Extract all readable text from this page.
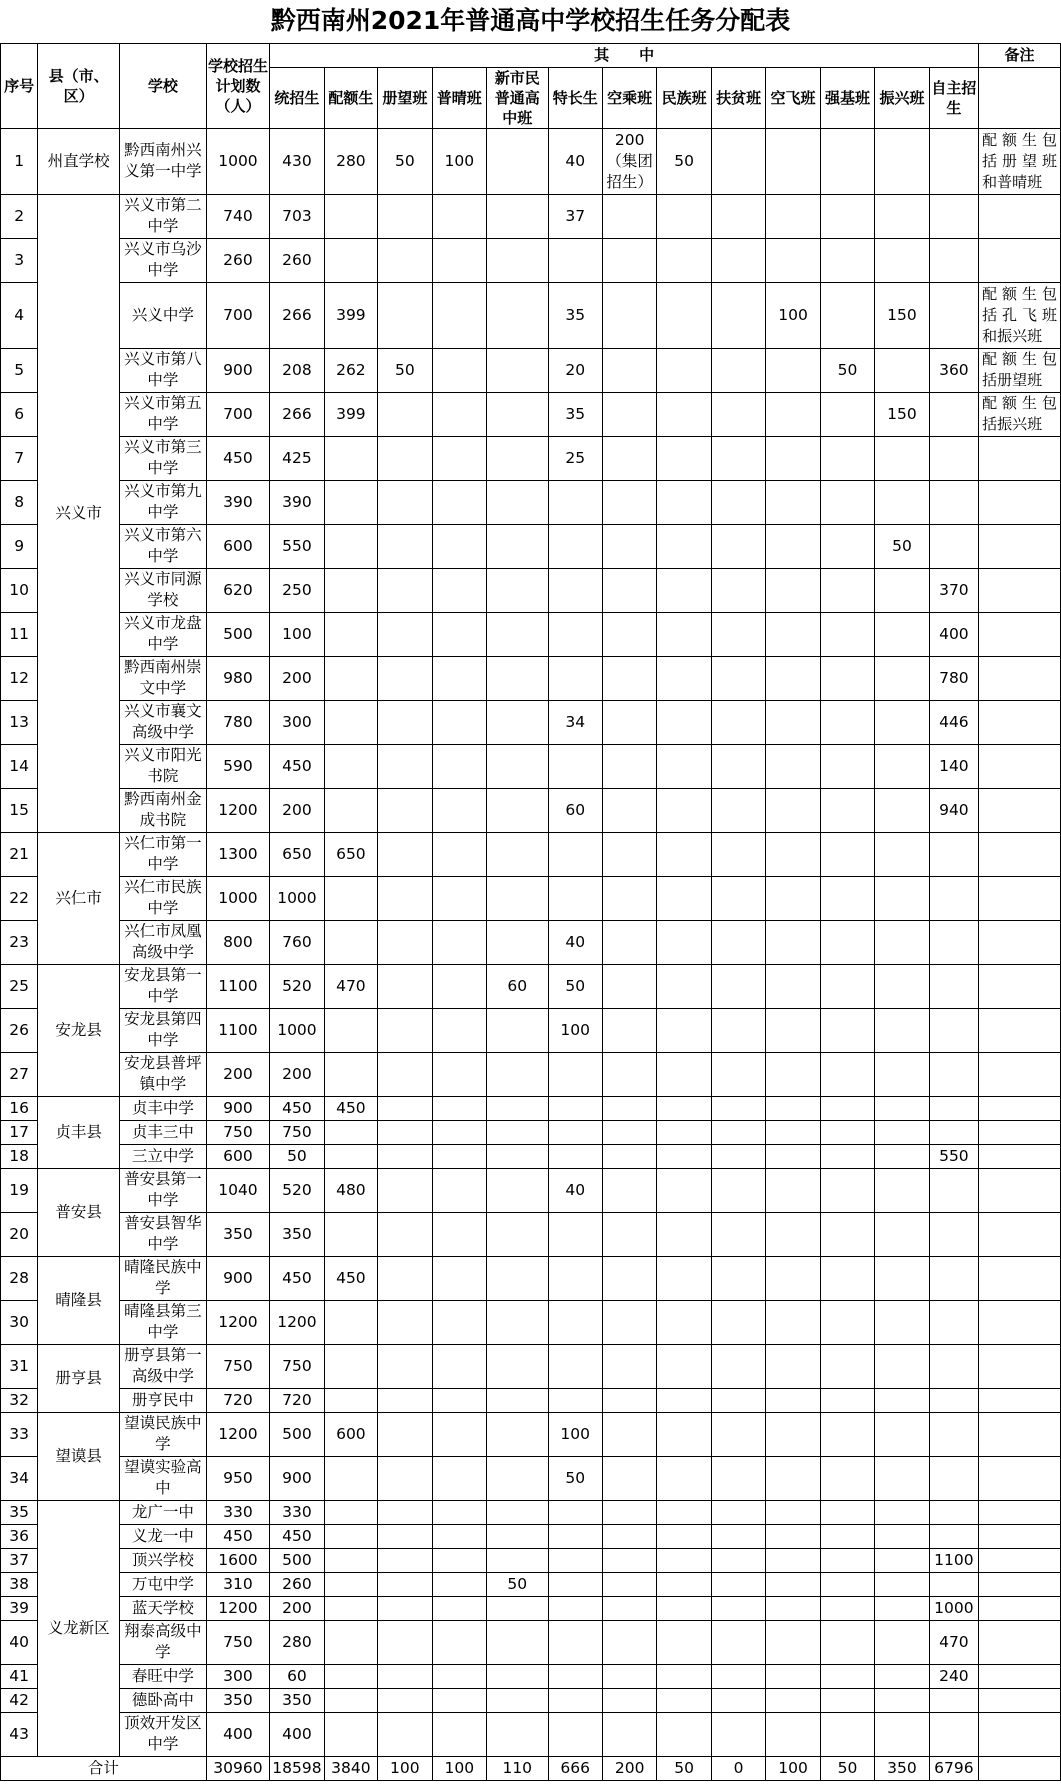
黔西南州2021年普通高中学校招生任务分配表																	
序号	县（市、区）	学校	学校招生计划数（人）	其　　中													备注
				统招生	配额生	册望班	普晴班	新市民普通高中班	特长生	空乘班	民族班	扶贫班	空飞班	强基班	振兴班	自主招生	
1	州直学校	黔西南州兴义第一中学	1000	430	280	50	100		40	200（集团招生）	50						配额生包括册望班和普晴班
2	兴义市	兴义市第二中学	740	703					37								
3		兴义市乌沙中学	260	260													
4		兴义中学	700	266	399				35				100		150		配额生包括孔飞班和振兴班
5		兴义市第八中学	900	208	262	50			20					50		360	配额生包括册望班
6		兴义市第五中学	700	266	399				35						150		配额生包括振兴班
7		兴义市第三中学	450	425					25								
8		兴义市第九中学	390	390													
9		兴义市第六中学	600	550											50		
10		兴义市同源学校	620	250												370	
11		兴义市龙盘中学	500	100												400	
12		黔西南州崇文中学	980	200												780	
13		兴义市襄文高级中学	780	300					34							446	
14		兴义市阳光书院	590	450												140	
15		黔西南州金成书院	1200	200					60							940	
21	兴仁市	兴仁市第一中学	1300	650	650												
22		兴仁市民族中学	1000	1000													
23		兴仁市凤凰高级中学	800	760					40								
25	安龙县	安龙县第一中学	1100	520	470			60	50								
26		安龙县第四中学	1100	1000					100								
27		安龙县普坪镇中学	200	200													
16	贞丰县	贞丰中学	900	450	450												
17		贞丰三中	750	750													
18		三立中学	600	50												550	
19	普安县	普安县第一中学	1040	520	480				40								
20		普安县智华中学	350	350													
28	晴隆县	晴隆民族中学	900	450	450												
30		晴隆县第三中学	1200	1200													
31	册亨县	册亨县第一高级中学	750	750													
32		册亨民中	720	720													
33	望谟县	望谟民族中学	1200	500	600				100								
34		望谟实验高中	950	900					50								
35	义龙新区	龙广一中	330	330													
36		义龙一中	450	450													
37		顶兴学校	1600	500												1100	
38		万屯中学	310	260				50									
39		蓝天学校	1200	200												1000	
40		翔泰高级中学	750	280												470	
41		春旺中学	300	60												240	
42		德卧高中	350	350													
43		顶效开发区中学	400	400													
合计			30960	18598	3840	100	100	110	666	200	50	0	100	50	350	6796	
